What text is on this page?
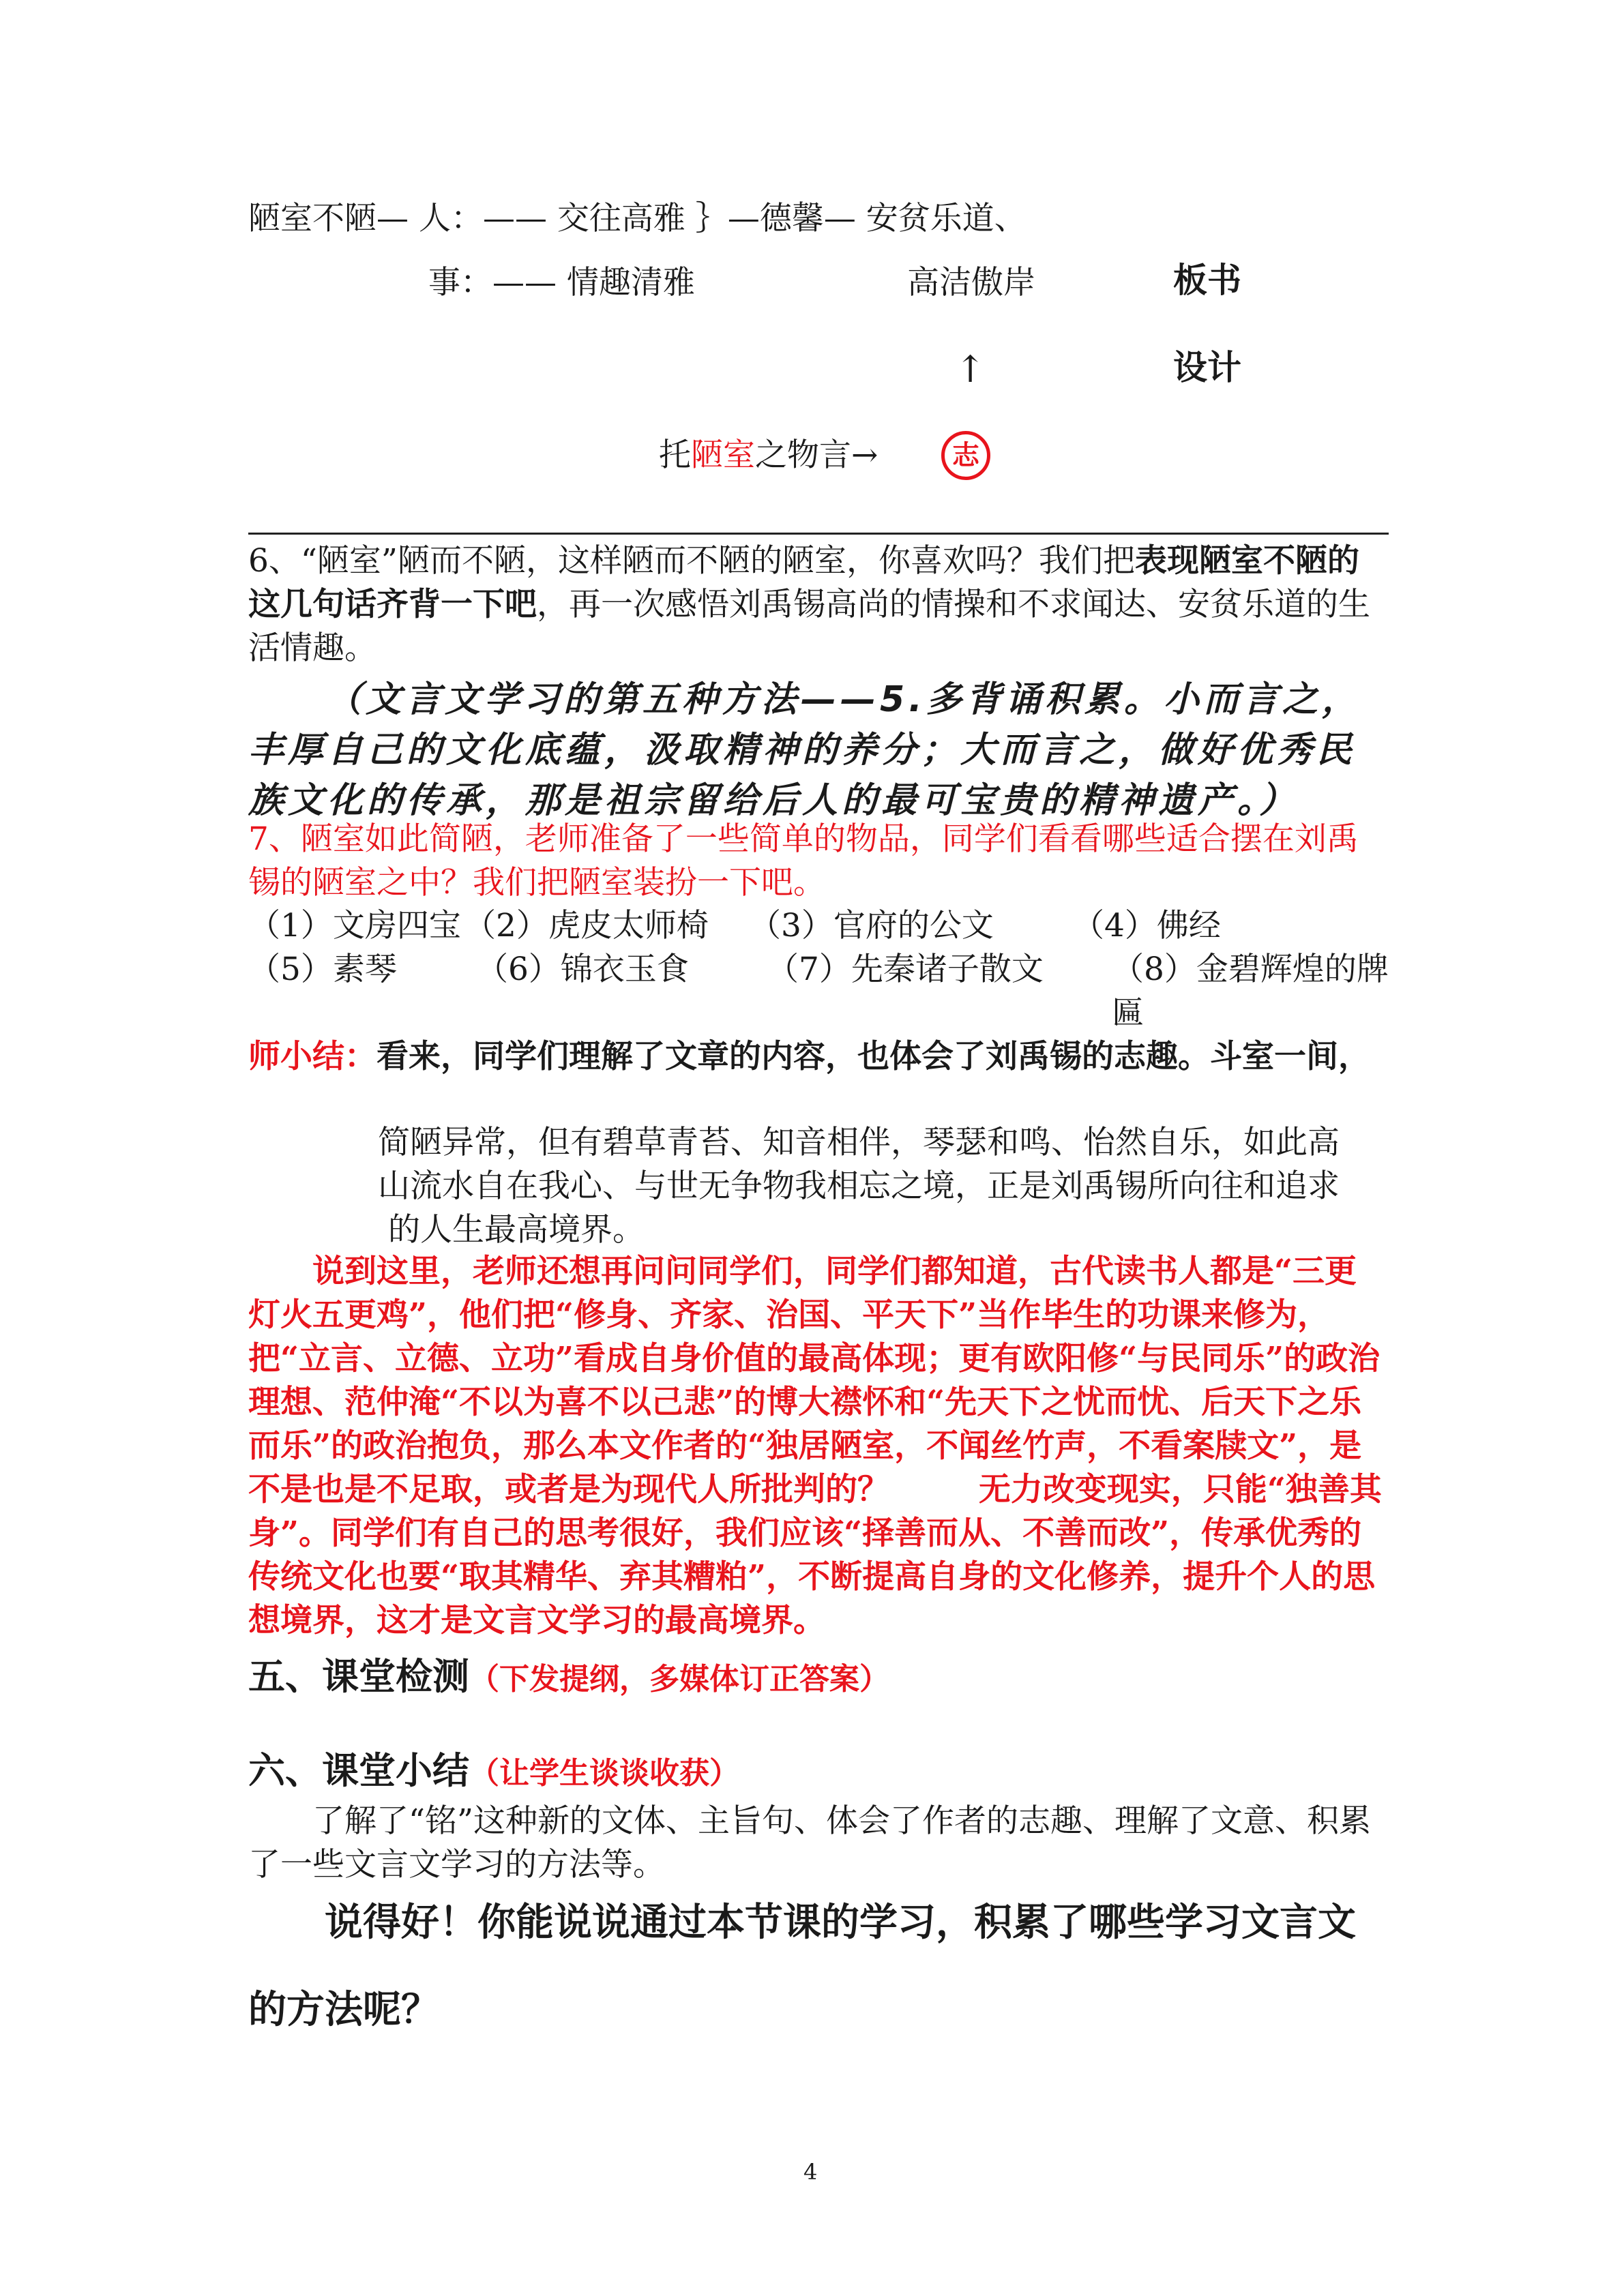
陋室不陋— 人：—— 交往高雅 ｝—德馨— 安贫乐道、
事：—— 情趣清雅	高洁傲岸	板书
设计
↑
托陋室之物言→	志

6、“陋室”陋而不陋，这样陋而不陋的陋室，你喜欢吗？我们把表现陋室不陋的这几句话齐背一下吧，再一次感悟刘禹锡高尚的情操和不求闻达、安贫乐道的生活情趣。

（文言文学习的第五种方法——5.多背诵积累。小而言之，丰厚自己的文化底蕴，汲取精神的养分；大而言之，做好优秀民族文化的传承，那是祖宗留给后人的最可宝贵的精神遗产。）
7、陋室如此简陋，老师准备了一些简单的物品，同学们看看哪些适合摆在刘禹锡的陋室之中？我们把陋室装扮一下吧。
（1）文房四宝 （2）虎皮太师椅 （3）官府的公文 （4）佛经
（5）素琴 （6）锦衣玉食 （7）先秦诸子散文 （8）金碧辉煌的牌匾

师小结：看来，同学们理解了文章的内容，也体会了刘禹锡的志趣。斗室一间，

简陋异常，但有碧草青苔、知音相伴，琴瑟和鸣、怡然自乐，如此高
山流水自在我心、与世无争物我相忘之境，正是刘禹锡所向往和追求
的人生最高境界。
说到这里，老师还想再问问同学们，同学们都知道，古代读书人都是“三更灯火五更鸡”，他们把“修身、齐家、治国、平天下”当作毕生的功课来修为，把“立言、立德、立功”看成自身价值的最高体现；更有欧阳修“与民同乐”的政治理想、范仲淹“不以为喜不以己悲”的博大襟怀和“先天下之忧而忧、后天下之乐而乐”的政治抱负，那么本文作者的“独居陋室，不闻丝竹声，不看案牍文”，是不是也是不足取，或者是为现代人所批判的？        无力改变现实，只能“独善其身”。同学们有自己的思考很好，我们应该“择善而从、不善而改”，传承优秀的传统文化也要“取其精华、弃其糟粕”，不断提高自身的文化修养，提升个人的思想境界，这才是文言文学习的最高境界。
五、课堂检测（下发提纲，多媒体订正答案）
六、课堂小结（让学生谈谈收获）
了解了“铭”这种新的文体、主旨句、体会了作者的志趣、理解了文意、积累了一些文言文学习的方法等。
说得好！你能说说通过本节课的学习，积累了哪些学习文言文
的方法呢？
4
